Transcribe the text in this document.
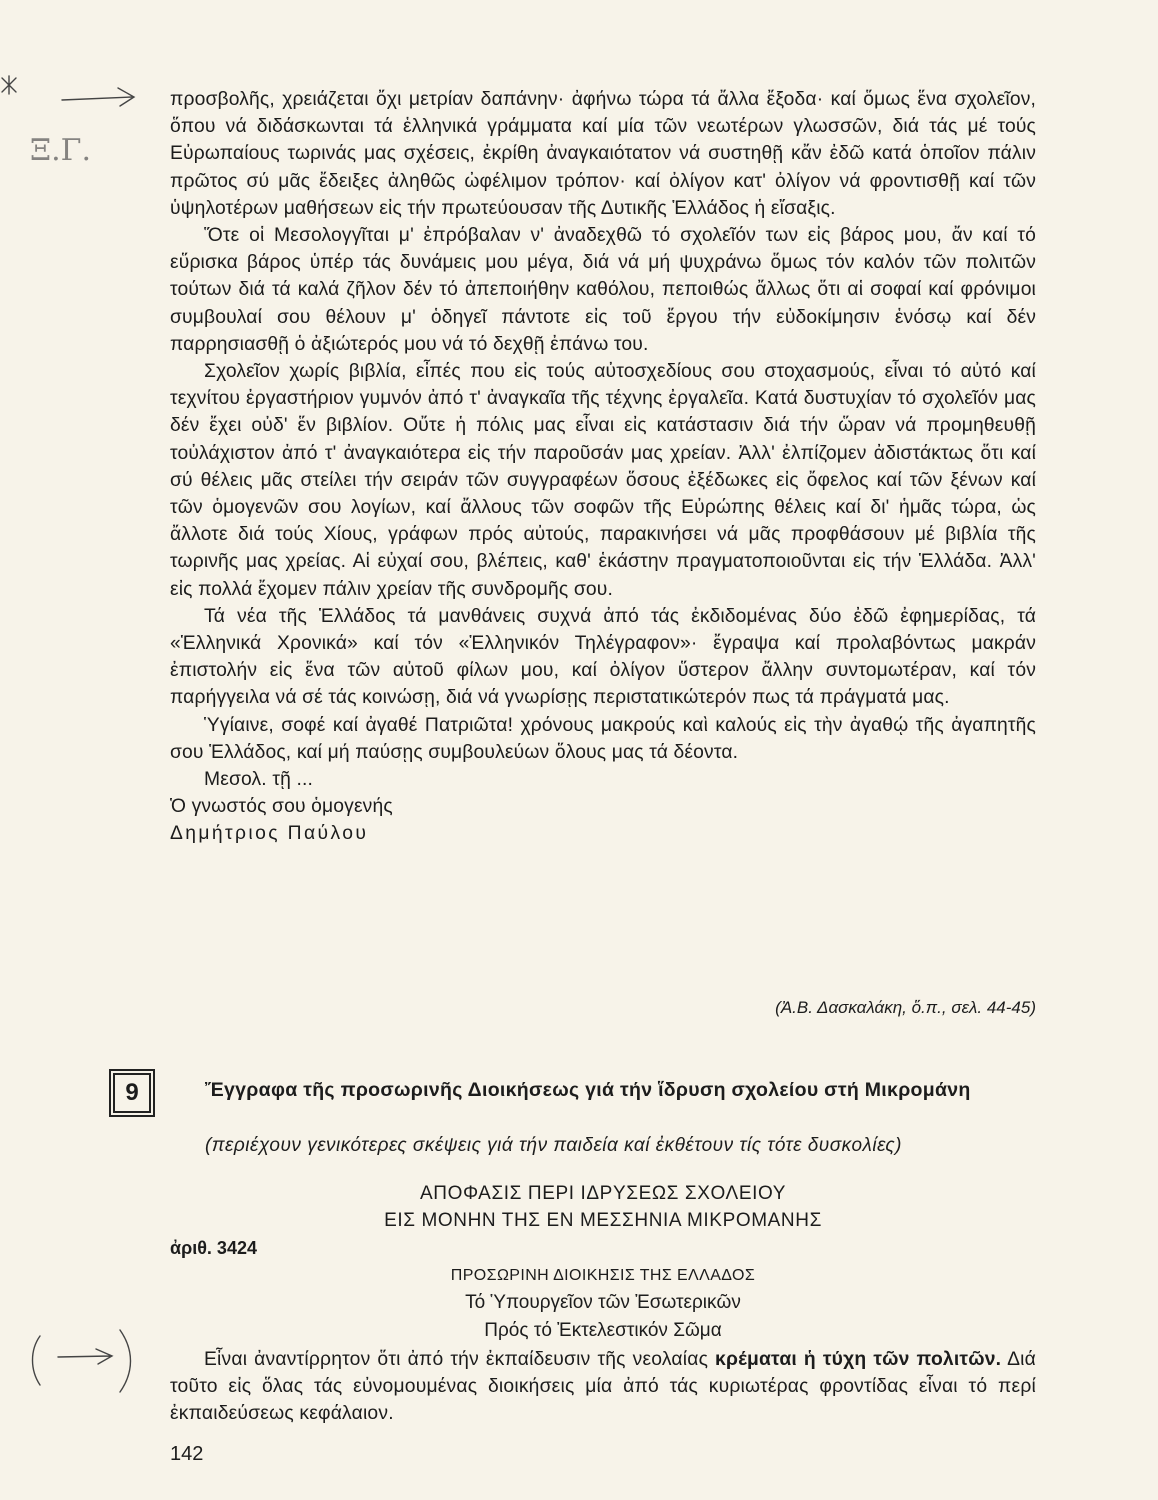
Ξ.Γ.

προσβολῆς, χρειάζεται ὄχι μετρίαν δαπάνην· ἀφήνω τώρα τά ἄλλα ἔξοδα· καί ὅμως ἕνα σχολεῖον, ὅπου νά διδάσκωνται τά ἑλληνικά γράμματα καί μία τῶν νεωτέρων γλωσσῶν, διά τάς μέ τούς Εὐρωπαίους τωρινάς μας σχέσεις, ἐκρίθη ἀναγκαιότατον νά συστηθῇ κἄν ἐδῶ κατά ὁποῖον πάλιν πρῶτος σύ μᾶς ἔδειξες ἀληθῶς ὠφέλιμον τρόπον· καί ὀλίγον κατ' ὀλίγον νά φροντισθῇ καί τῶν ὑψηλοτέρων μαθήσεων εἰς τήν πρωτεύουσαν τῆς Δυτικῆς Ἑλλάδος ἡ εἴσαξις.

Ὅτε οἱ Μεσολογγῖται μ' ἐπρόβαλαν ν' ἀναδεχθῶ τό σχολεῖόν των εἰς βάρος μου, ἄν καί τό εὕρισκα βάρος ὑπέρ τάς δυνάμεις μου μέγα, διά νά μή ψυχράνω ὅμως τόν καλόν τῶν πολιτῶν τούτων διά τά καλά ζῆλον δέν τό ἀπεποιήθην καθόλου, πεποιθώς ἄλλως ὅτι αἱ σοφαί καί φρόνιμοι συμβουλαί σου θέλουν μ' ὁδηγεῖ πάντοτε εἰς τοῦ ἔργου τήν εὐδοκίμησιν ἑνόσῳ καί δέν παρρησιασθῇ ὁ ἀξιώτερός μου νά τό δεχθῇ ἐπάνω του.

Σχολεῖον χωρίς βιβλία, εἶπές που εἰς τούς αὐτοσχεδίους σου στοχασμούς, εἶναι τό αὐτό καί τεχνίτου ἐργαστήριον γυμνόν ἀπό τ' ἀναγκαῖα τῆς τέχνης ἐργαλεῖα. Κατά δυστυχίαν τό σχολεῖόν μας δέν ἔχει οὐδ' ἕν βιβλίον. Οὔτε ἡ πόλις μας εἶναι εἰς κατάστασιν διά τήν ὥραν νά προμηθευθῇ τοὐλάχιστον ἀπό τ' ἀναγκαιότερα εἰς τήν παροῦσάν μας χρείαν. Ἀλλ' ἐλπίζομεν ἀδιστάκτως ὅτι καί σύ θέλεις μᾶς στείλει τήν σειράν τῶν συγγραφέων ὅσους ἐξέδωκες εἰς ὄφελος καί τῶν ξένων καί τῶν ὁμογενῶν σου λογίων, καί ἄλλους τῶν σοφῶν τῆς Εὐρώπης θέλεις καί δι' ἡμᾶς τώρα, ὡς ἄλλοτε διά τούς Χίους, γράφων πρός αὐτούς, παρακινήσει νά μᾶς προφθάσουν μέ βιβλία τῆς τωρινῆς μας χρείας. Αἱ εὐχαί σου, βλέπεις, καθ' ἑκάστην πραγματοποιοῦνται εἰς τήν Ἑλλάδα. Ἀλλ' εἰς πολλά ἔχομεν πάλιν χρείαν τῆς συνδρομῆς σου.

Τά νέα τῆς Ἑλλάδος τά μανθάνεις συχνά ἀπό τάς ἐκδιδομένας δύο ἐδῶ ἐφημερίδας, τά «Ἑλληνικά Χρονικά» καί τόν «Ἑλληνικόν Τηλέγραφον»· ἔγραψα καί προλαβόντως μακράν ἐπιστολήν εἰς ἕνα τῶν αὐτοῦ φίλων μου, καί ὀλίγον ὕστερον ἄλλην συντομωτέραν, καί τόν παρήγγειλα νά σέ τάς κοινώσῃ, διά νά γνωρίσῃς περιστατικώτερόν πως τά πράγματά μας.

Ὑγίαινε, σοφέ καί ἀγαθέ Πατριῶτα! χρόνους μακρούς καὶ καλούς εἰς τὴν ἀγαθῴ τῆς ἀγαπητῆς σου Ἑλλάδος, καί μή παύσῃς συμβουλεύων ὅλους μας τά δέοντα.

Μεσολ. τῇ ...

Ὁ γνωστός σου ὁμογενής

Δημήτριος Παύλου

(Ἀ.Β. Δασκαλάκη, ὅ.π., σελ. 44-45)
9	Ἔγγραφα τῆς προσωρινῆς Διοικήσεως γιά τήν ἵδρυση σχολείου στή Μικρομάνη
(περιέχουν γενικότερες σκέψεις γιά τήν παιδεία καί ἐκθέτουν τίς τότε δυσκολίες)
ΑΠΟΦΑΣΙΣ ΠΕΡΙ ΙΔΡΥΣΕΩΣ ΣΧΟΛΕΙΟΥ
ΕΙΣ ΜΟΝΗΝ ΤΗΣ ΕΝ ΜΕΣΣΗΝΙΑ ΜΙΚΡΟΜΑΝΗΣ
ἀριθ. 3424
ΠΡΟΣΩΡΙΝΗ ΔΙΟΙΚΗΣΙΣ ΤΗΣ ΕΛΛΑΔΟΣ
Τό Ὑπουργεῖον τῶν Ἐσωτερικῶν
Πρός τό Ἐκτελεστικόν Σῶμα

Εἶναι ἀναντίρρητον ὅτι ἀπό τήν ἐκπαίδευσιν τῆς νεολαίας κρέμαται ἡ τύχη τῶν πολιτῶν. Διά τοῦτο εἰς ὅλας τάς εὐνομουμένας διοικήσεις μία ἀπό τάς κυριωτέρας φροντίδας εἶναι τό περί ἐκπαιδεύσεως κεφάλαιον.

142
